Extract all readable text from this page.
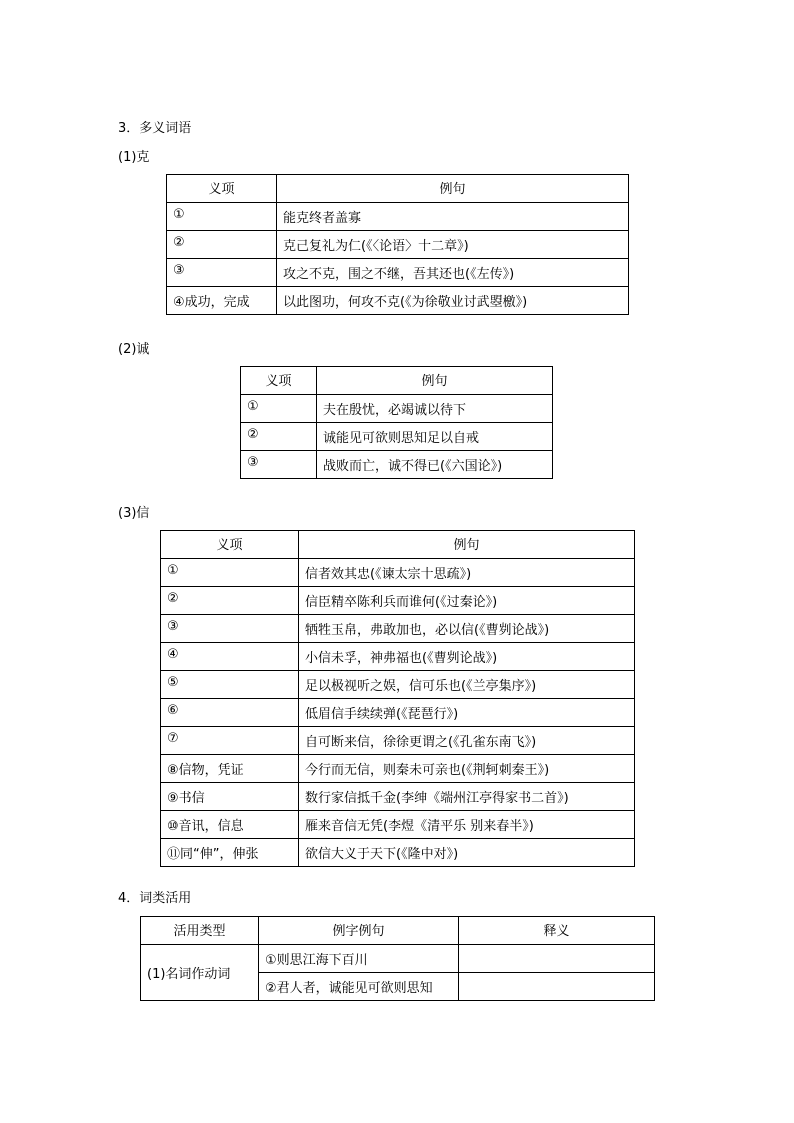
3．多义词语
(1)克
义项	例句
①	能克终者盖寡
②	克己复礼为仁(《〈论语〉十二章》)
③	攻之不克，围之不继，吾其还也(《左传》)
④成功，完成	以此图功，何攻不克(《为徐敬业讨武曌檄》)
(2)诚
义项	例句
①	夫在殷忧，必竭诚以待下
②	诚能见可欲则思知足以自戒
③	战败而亡，诚不得已(《六国论》)
(3)信
义项	例句
①	信者效其忠(《谏太宗十思疏》)
②	信臣精卒陈利兵而谁何(《过秦论》)
③	牺牲玉帛，弗敢加也，必以信(《曹刿论战》)
④	小信未孚，神弗福也(《曹刿论战》)
⑤	足以极视听之娱，信可乐也(《兰亭集序》)
⑥	低眉信手续续弹(《琵琶行》)
⑦	自可断来信，徐徐更谓之(《孔雀东南飞》)
⑧信物，凭证	今行而无信，则秦未可亲也(《荆轲刺秦王》)
⑨书信	数行家信抵千金(李绅《端州江亭得家书二首》)
⑩音讯，信息	雁来音信无凭(李煜《清平乐 别来春半》)
⑪同“伸”，伸张	欲信大义于天下(《隆中对》)
4．词类活用
活用类型	例字例句	释义
(1)名词作动词	①则思江海下百川	
	②君人者，诚能见可欲则思知	
